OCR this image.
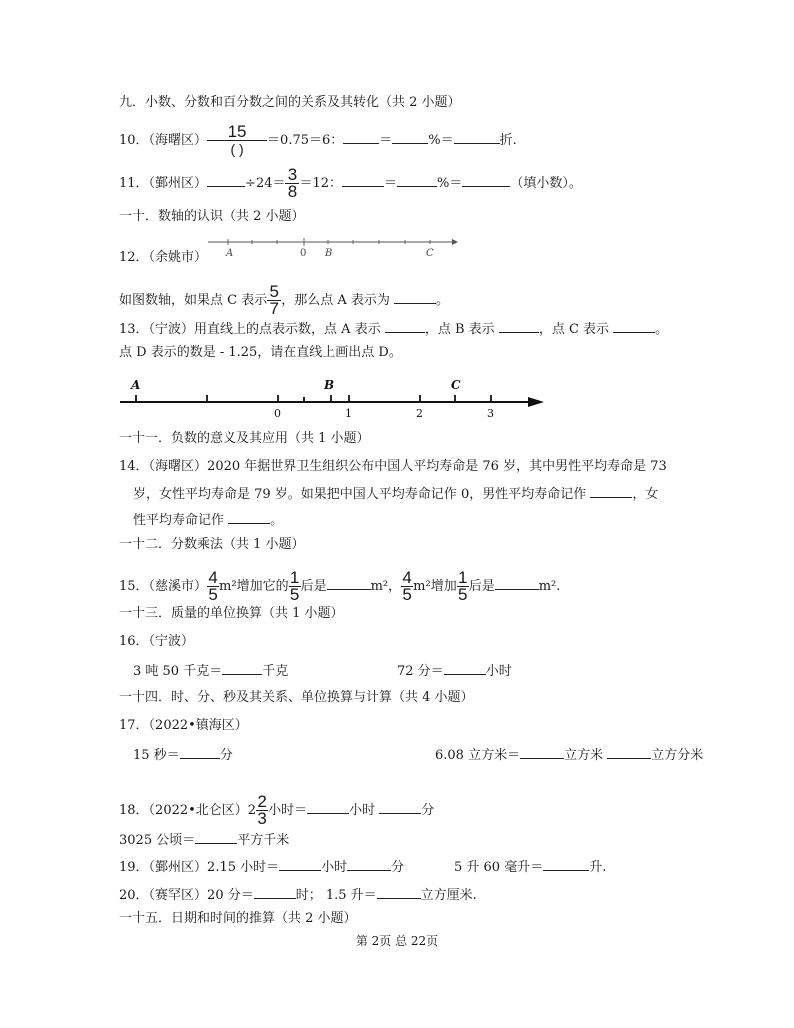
九．小数、分数和百分数之间的关系及其转化（共 2 小题）
10．（海曙区） $\frac{15}{( )} =0.75=6$：	＝	%＝	折.
11．（鄞州区）	$\div 24= \frac{3}{8} =12$：	＝	%＝	（填小数）。
一十．数轴的认识（共 2 小题）
12．（余姚市） A	0 B	C
如图数轴，如果点 C 表示 $\frac{5}{7}$ ，那么点 A 表示为	。
13．（宁波）用直线上的点表示数，点 A 表示	，点 B 表示	，点 C 表示	。
点 D 表示的数是 - 1.25，请在直线上画出点 D。
A	B	C
0	1	2	3
一十一．负数的意义及其应用（共 1 小题）
14．（海曙区）2020 年据世界卫生组织公布中国人平均寿命是 76 岁，其中男性平均寿命是 73
岁，女性平均寿命是 79 岁。如果把中国人平均寿命记作 0，男性平均寿命记作	，女
性平均寿命记作	。
一十二．分数乘法（共 1 小题）
15．（慈溪市） $\frac{4}{5} m^2$增加它的 $\frac{1}{5}$ 后是	m²， $\frac{4}{5} m^2$增加 $\frac{1}{5}$ 后是	m².
一十三．质量的单位换算（共 1 小题）
16．（宁波）
3 吨 50 千克＝	千克	72 分＝	小时
一十四．时、分、秒及其关系、单位换算与计算（共 4 小题）
17．（2022•镇海区）
15 秒＝	分	6.08 立方米＝	立方米	立方分米
18．（2022•北仑区）$2 \frac{2}{3}$ 小时＝	小时	分
3025 公顷＝	平方千米
19．（鄞州区）2.15 小时＝	小时	分	5 升 60 毫升＝	升.
20．（赛罕区）20 分＝	时； 1.5 升＝	立方厘米.
一十五．日期和时间的推算（共 2 小题）
第 2页 总 22页
